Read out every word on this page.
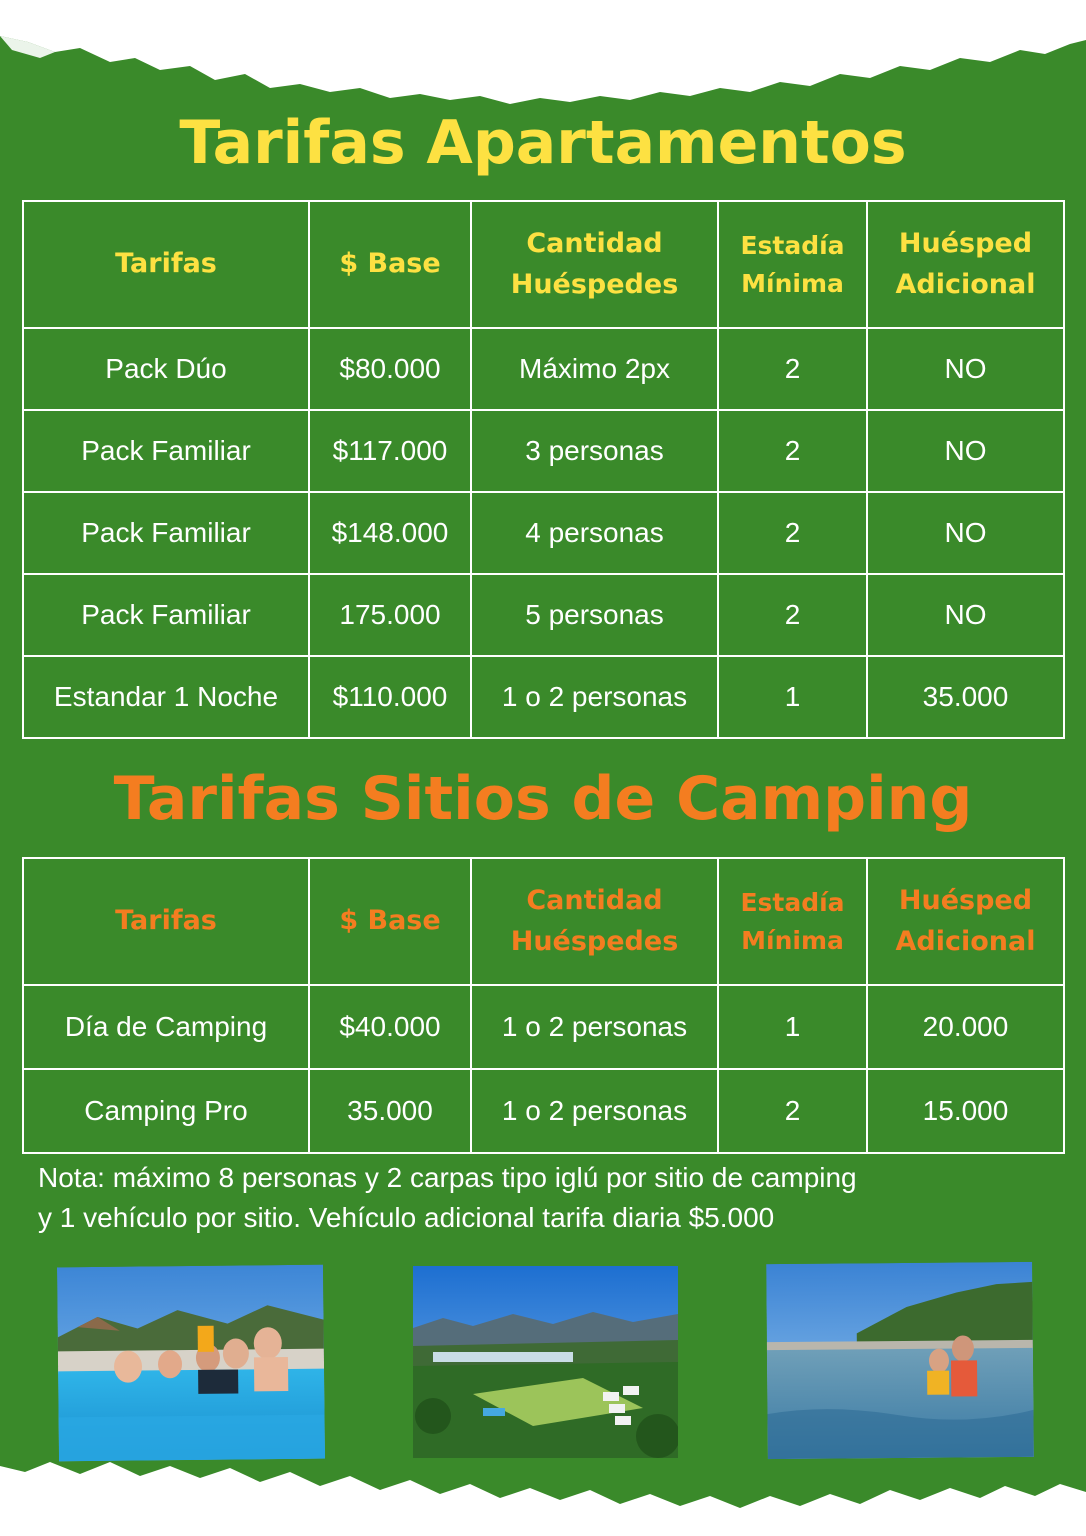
Tarifas Apartamentos
Tarifas	$ Base	Cantidad Huéspedes	Estadía Mínima	Huésped Adicional
Pack Dúo	$80.000	Máximo 2px	2	NO
Pack Familiar	$117.000	3 personas	2	NO
Pack Familiar	$148.000	4 personas	2	NO
Pack Familiar	175.000	5 personas	2	NO
Estandar 1 Noche	$110.000	1 o 2 personas	1	35.000
Tarifas Sitios de Camping
Tarifas	$ Base	Cantidad Huéspedes	Estadía Mínima	Huésped Adicional
Día de Camping	$40.000	1 o 2 personas	1	20.000
Camping Pro	35.000	1 o 2 personas	2	15.000
Nota: máximo 8 personas y 2 carpas tipo iglú por sitio de camping
y 1 vehículo por sitio. Vehículo adicional tarifa diaria $5.000
